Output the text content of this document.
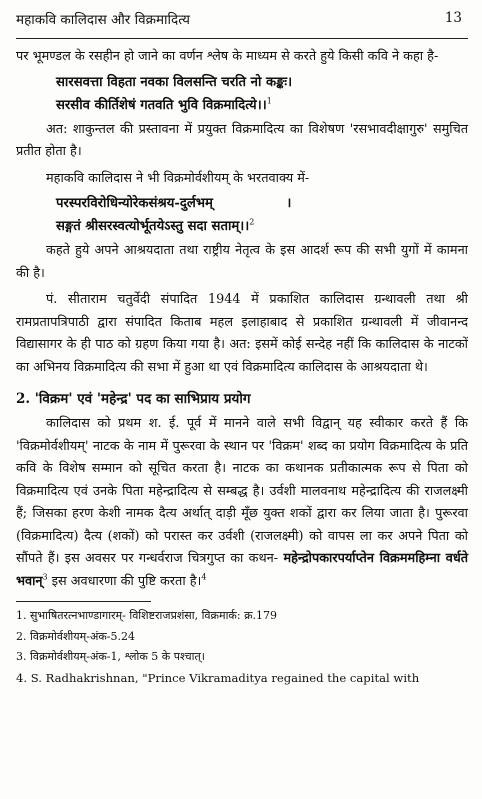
महाकवि कालिदास और विक्रमादित्य	13

पर भूमण्डल के रसहीन हो जाने का वर्णन श्लेष के माध्यम से करते हुये किसी कवि ने कहा है-

सारसवत्ता विहता नवका विलसन्ति चरति नो कङ्कः।
सरसीव कीर्तिशेषं गतवति भुवि विक्रमादित्ये।।$^1$

अत: शाकुन्तल की प्रस्तावना में प्रयुक्त विक्रमादित्य का विशेषण 'रसभावदीक्षागुरु' समुचित प्रतीत होता है।

महाकवि कालिदास ने भी विक्रमोर्वशीयम् के भरतवाक्य में-

परस्परविरोधिन्योरेकसंश्रय-दुर्लभम्                ।
सङ्गतं श्रीसरस्वत्योर्भूतयेऽस्तु सदा सताम्।।$^2$

कहते हुये अपने आश्रयदाता तथा राष्ट्रीय नेतृत्व के इस आदर्श रूप की सभी युगों में कामना की है।

पं. सीताराम चतुर्वेदी संपादित 1944 में प्रकाशित कालिदास ग्रन्थावली तथा श्री रामप्रतापत्रिपाठी द्वारा संपादित किताब महल इलाहाबाद से प्रकाशित ग्रन्थावली में जीवानन्द विद्यासागर के ही पाठ को ग्रहण किया गया है। अत: इसमें कोई सन्देह नहीं कि कालिदास के नाटकों का अभिनय विक्रमादित्य की सभा में हुआ था एवं विक्रमादित्य कालिदास के आश्रयदाता थे।

2. 'विक्रम' एवं 'महेन्द्र' पद का साभिप्राय प्रयोग

कालिदास को प्रथम श. ई. पूर्व में मानने वाले सभी विद्वान् यह स्वीकार करते हैं कि 'विक्रमोर्वशीयम्' नाटक के नाम में पुरूरवा के स्थान पर 'विक्रम' शब्द का प्रयोग विक्रमादित्य के प्रति कवि के विशेष सम्मान को सूचित करता है। नाटक का कथानक प्रतीकात्मक रूप से पिता को विक्रमादित्य एवं उनके पिता महेन्द्रादित्य से सम्बद्ध है। उर्वशी मालवनाथ महेन्द्रादित्य की राजलक्ष्मी हैं; जिसका हरण केशी नामक दैत्य अर्थात् दाड़ी मूँछ युक्त शकों द्वारा कर लिया जाता है। पुरूरवा (विक्रमादित्य) दैत्य (शकों) को परास्त कर उर्वशी (राजलक्ष्मी) को वापस ला कर अपने पिता को सौंपते हैं। इस अवसर पर गन्धर्वराज चित्रगुप्त का कथन- महेन्द्रोपकारपर्याप्तेन विक्रममहिम्ना वर्धते भवान्$^3$ इस अवधारणा की पुष्टि करता है।$^4$

1. सुभाषितरत्नभाण्डागारम्- विशिष्टराजप्रशंसा, विक्रमार्क: क्र.179

2. विक्रमोर्वशीयम्-अंक-5.24

3. विक्रमोर्वशीयम्-अंक-1, श्लोक 5 के पश्चात्।

4. S. Radhakrishnan, "Prince Vikramaditya regained the capital with
